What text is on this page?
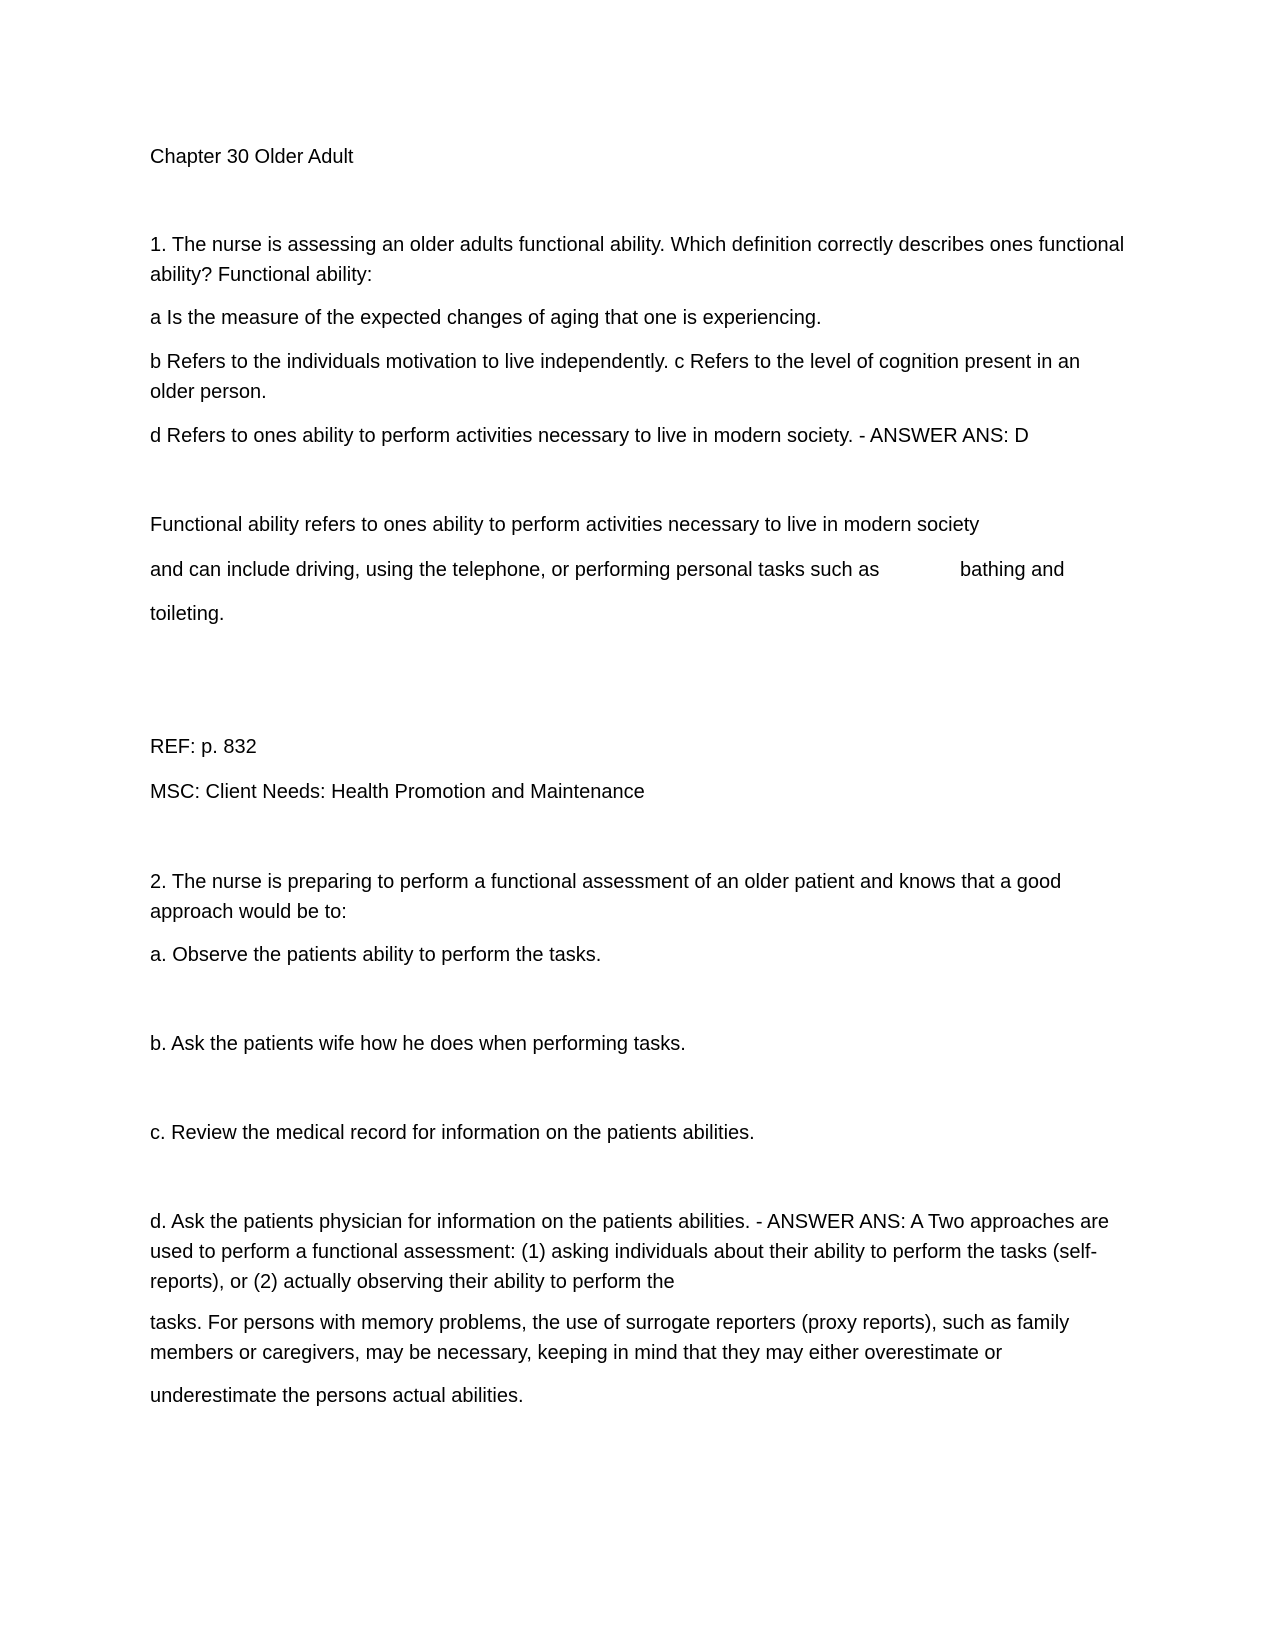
Chapter 30 Older Adult
1. The nurse is assessing an older adults functional ability. Which definition correctly describes ones functional ability? Functional ability:
a Is the measure of the expected changes of aging that one is experiencing.
b Refers to the individuals motivation to live independently. c Refers to the level of cognition present in an older person.
d Refers to ones ability to perform activities necessary to live in modern society. - ANSWER ANS: D
Functional ability refers to ones ability to perform activities necessary to live in modern society
and can include driving, using the telephone, or performing personal tasks such as	bathing and
toileting.
REF: p. 832
MSC: Client Needs: Health Promotion and Maintenance
2. The nurse is preparing to perform a functional assessment of an older patient and knows that a good approach would be to:
a. Observe the patients ability to perform the tasks.
b. Ask the patients wife how he does when performing tasks.
c. Review the medical record for information on the patients abilities.
d. Ask the patients physician for information on the patients abilities. - ANSWER ANS: A Two approaches are used to perform a functional assessment: (1) asking individuals about their ability to perform the tasks (self-reports), or (2) actually observing their ability to perform the
tasks. For persons with memory problems, the use of surrogate reporters (proxy reports), such as family members or caregivers, may be necessary, keeping in mind that they may either overestimate or
underestimate the persons actual abilities.
